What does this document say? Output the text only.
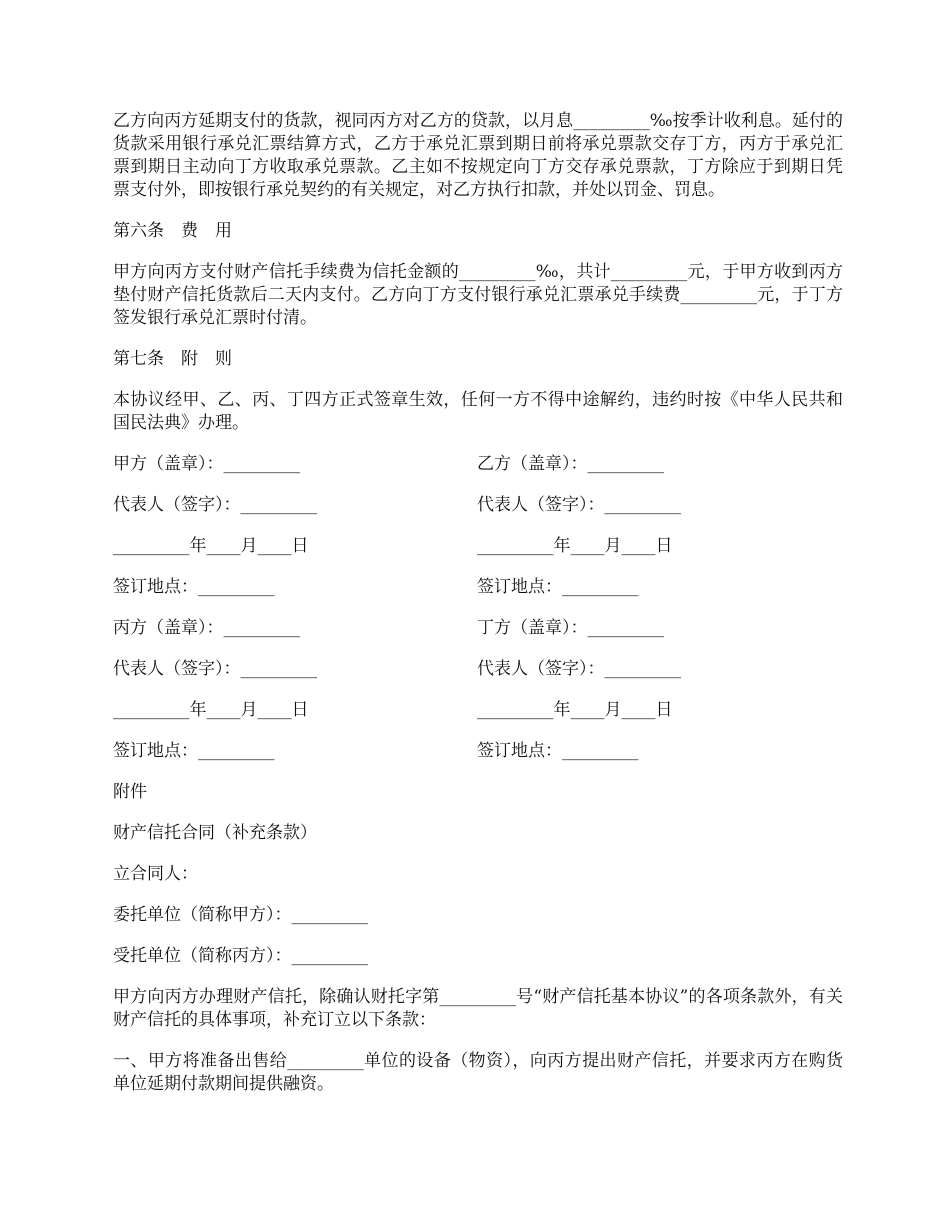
乙方向丙方延期支付的货款，视同丙方对乙方的贷款，以月息_________‰按季计收利息。延付的货款采用银行承兑汇票结算方式，乙方于承兑汇票到期日前将承兑票款交存丁方，丙方于承兑汇票到期日主动向丁方收取承兑票款。乙主如不按规定向丁方交存承兑票款，丁方除应于到期日凭票支付外，即按银行承兑契约的有关规定，对乙方执行扣款，并处以罚金、罚息。

第六条　费　用

甲方向丙方支付财产信托手续费为信托金额的_________‰，共计_________元，于甲方收到丙方垫付财产信托货款后二天内支付。乙方向丁方支付银行承兑汇票承兑手续费_________元，于丁方签发银行承兑汇票时付清。

第七条　附　则

本协议经甲、乙、丙、丁四方正式签章生效，任何一方不得中途解约，违约时按《中华人民共和国民法典》办理。

甲方（盖章）：_________	乙方（盖章）：_________
代表人（签字）：_________	代表人（签字）：_________
_________年____月____日	_________年____月____日
签订地点：_________	签订地点：_________
丙方（盖章）：_________	丁方（盖章）：_________
代表人（签字）：_________	代表人（签字）：_________
_________年____月____日	_________年____月____日
签订地点：_________	签订地点：_________

附件

财产信托合同（补充条款）

立合同人：

委托单位（简称甲方）：_________

受托单位（简称丙方）：_________

甲方向丙方办理财产信托，除确认财托字第_________号“财产信托基本协议”的各项条款外，有关财产信托的具体事项，补充订立以下条款：

一、甲方将准备出售给_________单位的设备（物资），向丙方提出财产信托，并要求丙方在购货单位延期付款期间提供融资。
